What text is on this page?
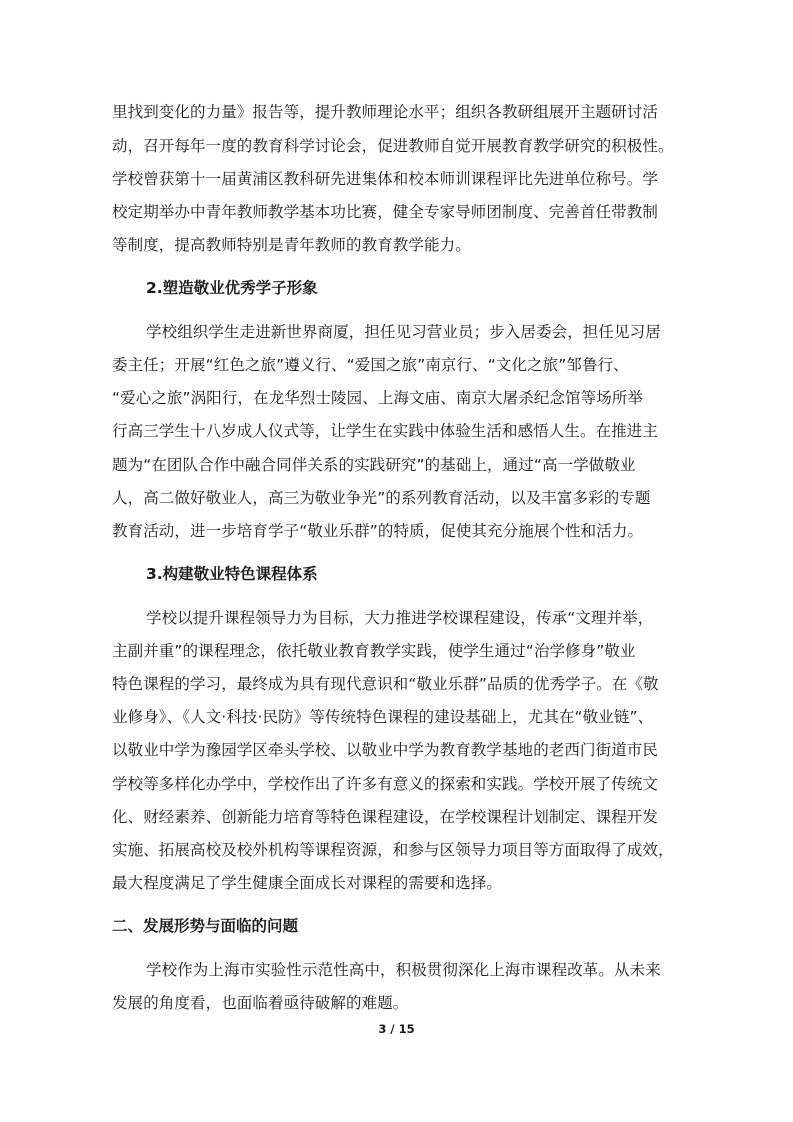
里找到变化的力量》报告等，提升教师理论水平；组织各教研组展开主题研讨活
动，召开每年一度的教育科学讨论会，促进教师自觉开展教育教学研究的积极性。
学校曾获第十一届黄浦区教科研先进集体和校本师训课程评比先进单位称号。学
校定期举办中青年教师教学基本功比赛，健全专家导师团制度、完善首任带教制
等制度，提高教师特别是青年教师的教育教学能力。
2.塑造敬业优秀学子形象
学校组织学生走进新世界商厦，担任见习营业员；步入居委会，担任见习居
委主任；开展“红色之旅”遵义行、“爱国之旅”南京行、“文化之旅”邹鲁行、
“爱心之旅”涡阳行，在龙华烈士陵园、上海文庙、南京大屠杀纪念馆等场所举
行高三学生十八岁成人仪式等，让学生在实践中体验生活和感悟人生。在推进主
题为“在团队合作中融合同伴关系的实践研究”的基础上，通过“高一学做敬业
人，高二做好敬业人，高三为敬业争光”的系列教育活动，以及丰富多彩的专题
教育活动，进一步培育学子“敬业乐群”的特质，促使其充分施展个性和活力。
3.构建敬业特色课程体系
学校以提升课程领导力为目标，大力推进学校课程建设，传承“文理并举，
主副并重”的课程理念，依托敬业教育教学实践，使学生通过“治学修身”敬业
特色课程的学习，最终成为具有现代意识和“敬业乐群”品质的优秀学子。在《敬
业修身》、《人文·科技·民防》等传统特色课程的建设基础上，尤其在“敬业链”、
以敬业中学为豫园学区牵头学校、以敬业中学为教育教学基地的老西门街道市民
学校等多样化办学中，学校作出了许多有意义的探索和实践。学校开展了传统文
化、财经素养、创新能力培育等特色课程建设，在学校课程计划制定、课程开发
实施、拓展高校及校外机构等课程资源，和参与区领导力项目等方面取得了成效，
最大程度满足了学生健康全面成长对课程的需要和选择。
二、发展形势与面临的问题
学校作为上海市实验性示范性高中，积极贯彻深化上海市课程改革。从未来
发展的角度看，也面临着亟待破解的难题。
3 / 15
